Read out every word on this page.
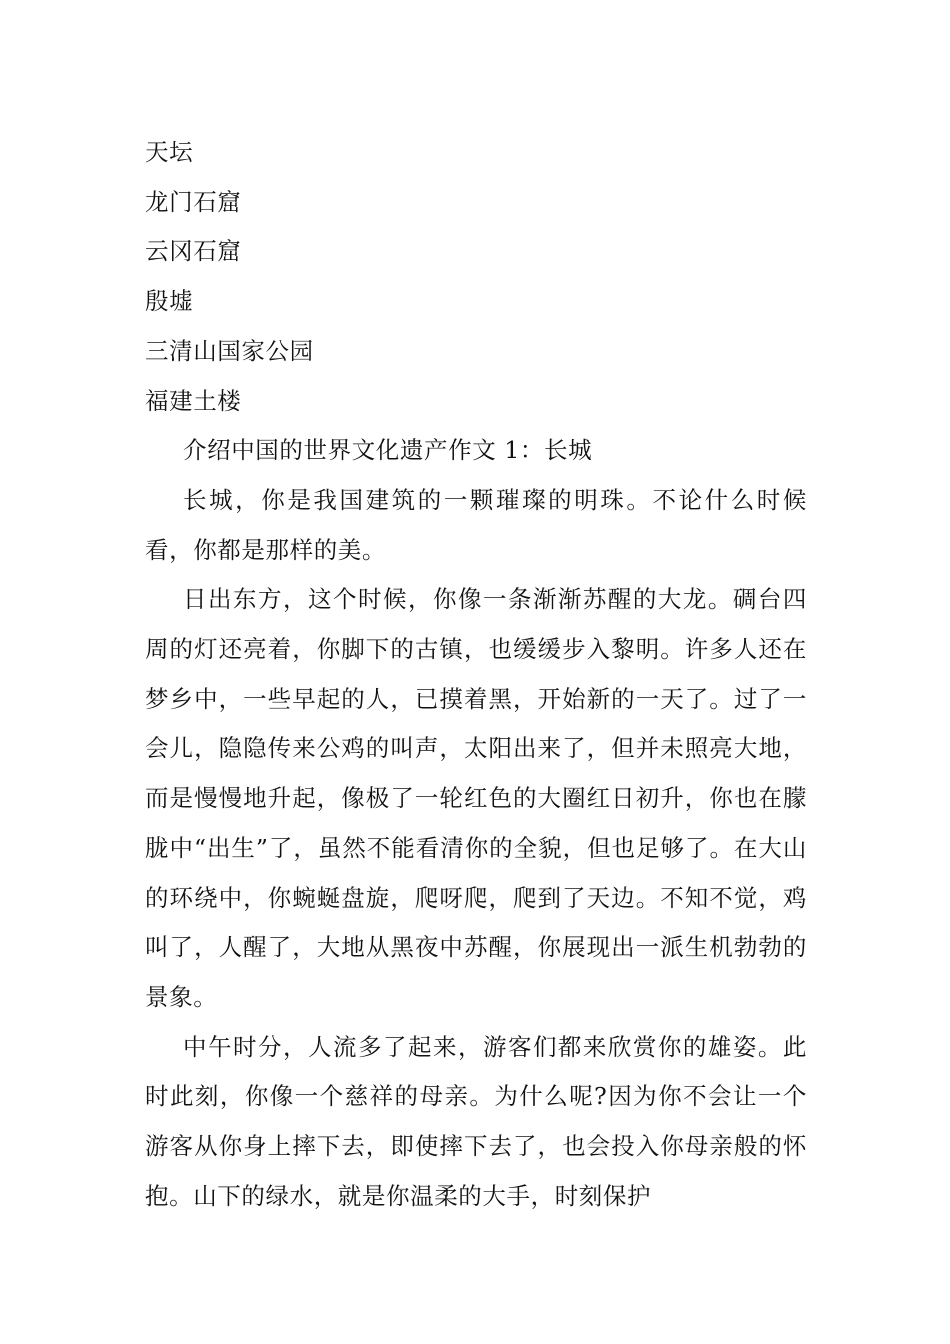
天坛
龙门石窟
云冈石窟
殷墟
三清山国家公园
福建土楼
介绍中国的世界文化遗产作文 1：长城

长城，你是我国建筑的一颗璀璨的明珠。不论什么时候看，你都是那样的美。

日出东方，这个时候，你像一条渐渐苏醒的大龙。碉台四周的灯还亮着，你脚下的古镇，也缓缓步入黎明。许多人还在梦乡中，一些早起的人，已摸着黑，开始新的一天了。过了一会儿，隐隐传来公鸡的叫声，太阳出来了，但并未照亮大地，而是慢慢地升起，像极了一轮红色的大圈红日初升，你也在朦胧中“出生”了，虽然不能看清你的全貌，但也足够了。在大山的环绕中，你蜿蜒盘旋，爬呀爬，爬到了天边。不知不觉，鸡叫了，人醒了，大地从黑夜中苏醒，你展现出一派生机勃勃的景象。

中午时分，人流多了起来，游客们都来欣赏你的雄姿。此时此刻，你像一个慈祥的母亲。为什么呢?因为你不会让一个游客从你身上摔下去，即使摔下去了，也会投入你母亲般的怀抱。山下的绿水，就是你温柔的大手，时刻保护
